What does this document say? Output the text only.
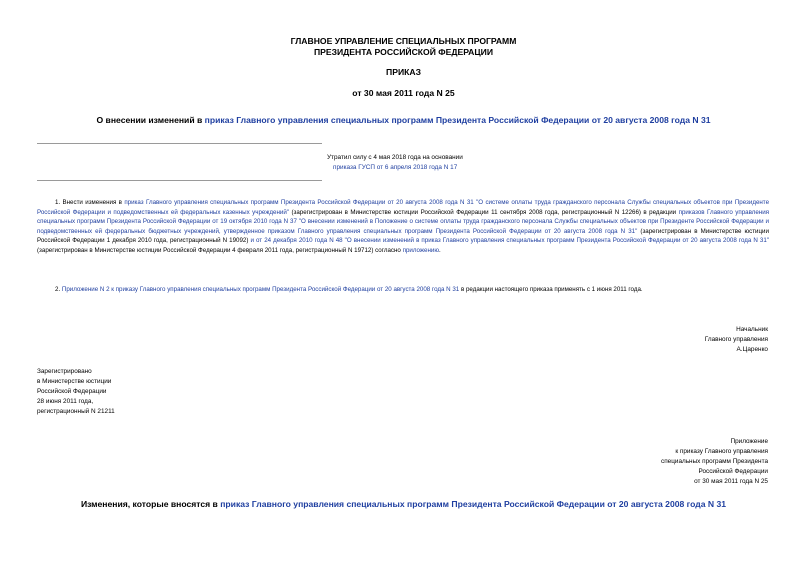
ГЛАВНОЕ УПРАВЛЕНИЕ СПЕЦИАЛЬНЫХ ПРОГРАММ
ПРЕЗИДЕНТА РОССИЙСКОЙ ФЕДЕРАЦИИ
ПРИКАЗ
от 30 мая 2011 года N 25
О внесении изменений в приказ Главного управления специальных программ Президента Российской Федерации от 20 августа 2008 года N 31
Утратил силу с 4 мая 2018 года на основании
приказа ГУСП от 6 апреля 2018 года N 17
1. Внести изменения в приказ Главного управления специальных программ Президента Российской Федерации от 20 августа 2008 года N 31 "О системе оплаты труда гражданского персонала Службы специальных объектов при Президенте Российской Федерации и подведомственных ей федеральных казенных учреждений" (зарегистрирован в Министерстве юстиции Российской Федерации 11 сентября 2008 года, регистрационный N 12266) в редакции приказов Главного управления специальных программ Президента Российской Федерации от 19 октября 2010 года N 37 "О внесении изменений в Положение о системе оплаты труда гражданского персонала Службы специальных объектов при Президенте Российской Федерации и подведомственных ей федеральных бюджетных учреждений, утвержденное приказом Главного управления специальных программ Президента Российской Федерации от 20 августа 2008 года N 31" (зарегистрирован в Министерстве юстиции Российской Федерации 1 декабря 2010 года, регистрационный N 19092) и от 24 декабря 2010 года N 48 "О внесении изменений в приказ Главного управления специальных программ Президента Российской Федерации от 20 августа 2008 года N 31" (зарегистрирован в Министерстве юстиции Российской Федерации 4 февраля 2011 года, регистрационный N 19712) согласно приложению.
2. Приложение N 2 к приказу Главного управления специальных программ Президента Российской Федерации от 20 августа 2008 года N 31 в редакции настоящего приказа применять с 1 июня 2011 года.
Начальник
Главного управления
А.Царенко
Зарегистрировано
в Министерстве юстиции
Российской Федерации
28 июня 2011 года,
регистрационный N 21211
Приложение
к приказу Главного управления
специальных программ Президента
Российской Федерации
от 30 мая 2011 года N 25
Изменения, которые вносятся в приказ Главного управления специальных программ Президента Российской Федерации от 20 августа 2008 года N 31
